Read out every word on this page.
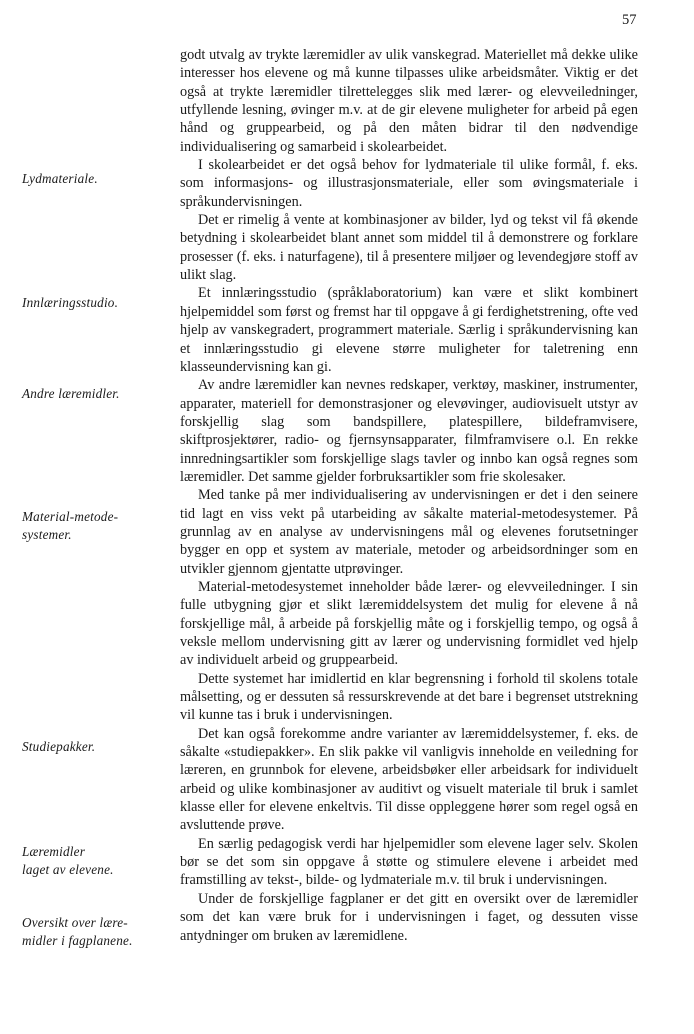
57
Lydmateriale.
Innlæringsstudio.
Andre læremidler.
Material-metode-
systemer.
Studiepakker.
Læremidler
laget av elevene.
Oversikt over lære-
midler i fagplanene.

godt utvalg av trykte læremidler av ulik vanskegrad. Materiellet må dekke ulike interesser hos elevene og må kunne tilpasses ulike arbeidsmåter. Viktig er det også at trykte læremidler tilrettelegges slik med lærer- og elevveiledninger, utfyllende lesning, øvinger m.v. at de gir elevene muligheter for arbeid på egen hånd og gruppearbeid, og på den måten bidrar til den nødvendige individualisering og samarbeid i skolearbeidet.

I skolearbeidet er det også behov for lydmateriale til ulike formål, f. eks. som informasjons- og illustrasjonsmateriale, eller som øvingsmateriale i språkundervisningen.

Det er rimelig å vente at kombinasjoner av bilder, lyd og tekst vil få økende betydning i skolearbeidet blant annet som middel til å demonstrere og forklare prosesser (f. eks. i naturfagene), til å presentere miljøer og levendegjøre stoff av ulikt slag.

Et innlæringsstudio (språklaboratorium) kan være et slikt kombinert hjelpemiddel som først og fremst har til oppgave å gi ferdighetstrening, ofte ved hjelp av vanskegradert, programmert materiale. Særlig i språkundervisning kan et innlæringsstudio gi elevene større muligheter for taletrening enn klasseundervisning kan gi.

Av andre læremidler kan nevnes redskaper, verktøy, maskiner, instrumenter, apparater, materiell for demonstrasjoner og elevøvinger, audiovisuelt utstyr av forskjellig slag som bandspillere, platespillere, bildeframvisere, skiftprosjektører, radio- og fjernsynsapparater, filmframvisere o.l. En rekke innredningsartikler som forskjellige slags tavler og innbo kan også regnes som læremidler. Det samme gjelder forbruksartikler som frie skolesaker.

Med tanke på mer individualisering av undervisningen er det i den seinere tid lagt en viss vekt på utarbeiding av såkalte material-metodesystemer. På grunnlag av en analyse av undervisningens mål og elevenes forutsetninger bygger en opp et system av materiale, metoder og arbeidsordninger som en utvikler gjennom gjentatte utprøvinger.

Material-metodesystemet inneholder både lærer- og elevveiledninger. I sin fulle utbygning gjør et slikt læremiddelsystem det mulig for elevene å nå forskjellige mål, å arbeide på forskjellig måte og i forskjellig tempo, og også å veksle mellom undervisning gitt av lærer og undervisning formidlet ved hjelp av individuelt arbeid og gruppearbeid.

Dette systemet har imidlertid en klar begrensning i forhold til skolens totale målsetting, og er dessuten så ressurskrevende at det bare i begrenset utstrekning vil kunne tas i bruk i undervisningen.

Det kan også forekomme andre varianter av læremiddelsystemer, f. eks. de såkalte «studiepakker». En slik pakke vil vanligvis inneholde en veiledning for læreren, en grunnbok for elevene, arbeidsbøker eller arbeidsark for individuelt arbeid og ulike kombinasjoner av auditivt og visuelt materiale til bruk i samlet klasse eller for elevene enkeltvis. Til disse oppleggene hører som regel også en avsluttende prøve.

En særlig pedagogisk verdi har hjelpemidler som elevene lager selv. Skolen bør se det som sin oppgave å støtte og stimulere elevene i arbeidet med framstilling av tekst-, bilde- og lydmateriale m.v. til bruk i undervisningen.

Under de forskjellige fagplaner er det gitt en oversikt over de læremidler som det kan være bruk for i undervisningen i faget, og dessuten visse antydninger om bruken av læremidlene.
